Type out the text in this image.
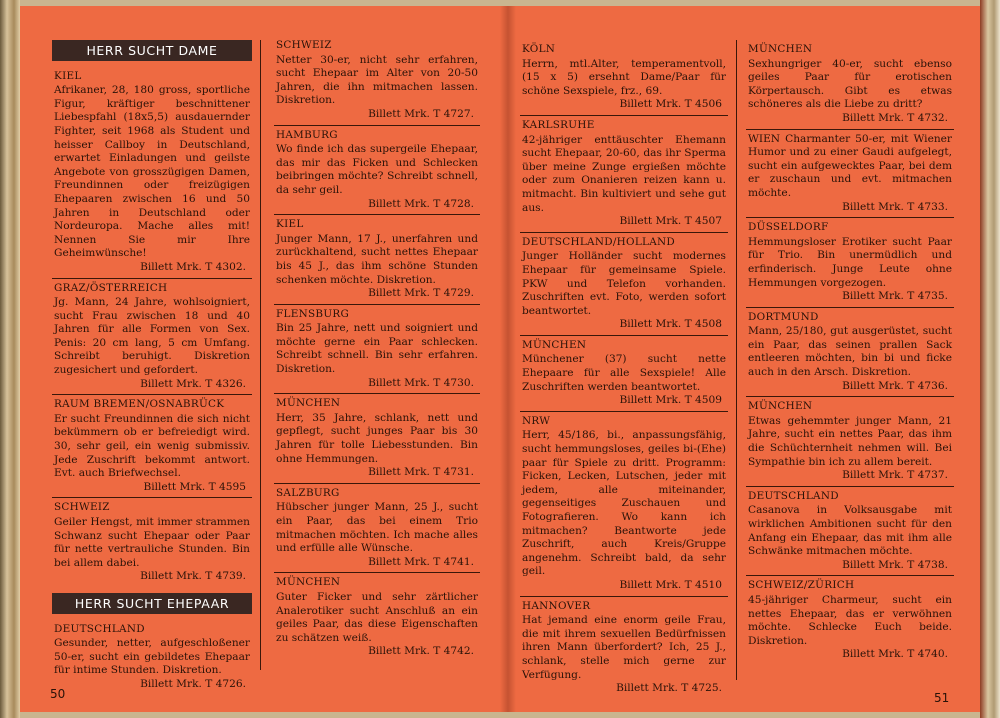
HERR SUCHT DAME
KIEL
Afrikaner, 28, 180 gross, sportliche Figur, kräftiger beschnittener Liebespfahl (18x5,5) ausdauernder Fighter, seit 1968 als Student und heisser Callboy in Deutschland, erwartet Einladungen und geilste Angebote von grosszügigen Damen, Freundinnen oder freizügigen Ehepaaren zwischen 16 und 50 Jahren in Deutschland oder Nordeuropa. Mache alles mit! Nennen Sie mir Ihre Geheimwünsche!
Billett Mrk. T 4302.
GRAZ/ÖSTERREICH
Jg. Mann, 24 Jahre, wohlsoigniert, sucht Frau zwischen 18 und 40 Jahren für alle Formen von Sex. Penis: 20 cm lang, 5 cm Umfang. Schreibt beruhigt. Diskretion zugesichert und gefordert.
Billett Mrk. T 4326.
RAUM BREMEN/OSNABRÜCK
Er sucht Freundinnen die sich nicht bekümmern ob er befreiedigt wird. 30, sehr geil, ein wenig submissiv. Jede Zuschrift bekommt antwort. Evt. auch Briefwechsel.
Billett Mrk. T 4595
SCHWEIZ
Geiler Hengst, mit immer strammen Schwanz sucht Ehepaar oder Paar für nette vertrauliche Stunden. Bin bei allem dabei.
Billett Mrk. T 4739.
HERR SUCHT EHEPAAR
DEUTSCHLAND
Gesunder, netter, aufgeschloßener 50-er, sucht ein gebildetes Ehepaar für intime Stunden. Diskretion.
Billett Mrk. T 4726.
SCHWEIZ
Netter 30-er, nicht sehr erfahren, sucht Ehepaar im Alter von 20-50 Jahren, die ihn mitmachen lassen. Diskretion.
Billett Mrk. T 4727.
HAMBURG
Wo finde ich das supergeile Ehepaar, das mir das Ficken und Schlecken beibringen möchte? Schreibt schnell, da sehr geil.
Billett Mrk. T 4728.
KIEL
Junger Mann, 17 J., unerfahren und zurückhaltend, sucht nettes Ehepaar bis 45 J., das ihm schöne Stunden schenken möchte. Diskretion.
Billett Mrk. T 4729.
FLENSBURG
Bin 25 Jahre, nett und soigniert und möchte gerne ein Paar schlecken. Schreibt schnell. Bin sehr erfahren. Diskretion.
Billett Mrk. T 4730.
MÜNCHEN
Herr, 35 Jahre, schlank, nett und gepflegt, sucht junges Paar bis 30 Jahren für tolle Liebesstunden. Bin ohne Hemmungen.
Billett Mrk. T 4731.
SALZBURG
Hübscher junger Mann, 25 J., sucht ein Paar, das bei einem Trio mitmachen möchten. Ich mache alles und erfülle alle Wünsche.
Billett Mrk. T 4741.
MÜNCHEN
Guter Ficker und sehr zärtlicher Analerotiker sucht Anschluß an ein geiles Paar, das diese Eigenschaften zu schätzen weiß.
Billett Mrk. T 4742.
50
KÖLN
Herrn, mtl.Alter, temperamentvoll, (15 x 5) ersehnt Dame/Paar für schöne Sexspiele, frz., 69.
Billett Mrk. T 4506
KARLSRUHE
42-jähriger enttäuschter Ehemann sucht Ehepaar, 20-60, das ihr Sperma über meine Zunge ergießen möchte oder zum Onanieren reizen kann u. mitmacht. Bin kultiviert und sehe gut aus.
Billett Mrk. T 4507
DEUTSCHLAND/HOLLAND
Junger Holländer sucht modernes Ehepaar für gemeinsame Spiele. PKW und Telefon vorhanden. Zuschriften evt. Foto, werden sofort beantwortet.
Billett Mrk. T 4508
MÜNCHEN
Münchener (37) sucht nette Ehepaare für alle Sexspiele! Alle Zuschriften werden beantwortet.
Billett Mrk. T 4509
NRW
Herr, 45/186, bi., anpassungsfähig, sucht hemmungsloses, geiles bi-(Ehe) paar für Spiele zu dritt. Programm: Ficken, Lecken, Lutschen, jeder mit jedem, alle miteinander, gegenseitiges Zuschauen und Fotografieren. Wo kann ich mitmachen? Beantworte jede Zuschrift, auch Kreis/Gruppe angenehm. Schreibt bald, da sehr geil.
Billett Mrk. T 4510
HANNOVER
Hat jemand eine enorm geile Frau, die mit ihrem sexuellen Bedürfnissen ihren Mann überfordert? Ich, 25 J., schlank, stelle mich gerne zur Verfügung.
Billett Mrk. T 4725.
MÜNCHEN
Sexhungriger 40-er, sucht ebenso geiles Paar für erotischen Körpertausch. Gibt es etwas schöneres als die Liebe zu dritt?
Billett Mrk. T 4732.
WIEN Charmanter 50-er, mit Wiener Humor und zu einer Gaudi aufgelegt, sucht ein aufgewecktes Paar, bei dem er zuschaun und evt. mitmachen möchte.
Billett Mrk. T 4733.
DÜSSELDORF
Hemmungsloser Erotiker sucht Paar für Trio. Bin unermüdlich und erfinderisch. Junge Leute ohne Hemmungen vorgezogen.
Billett Mrk. T 4735.
DORTMUND
Mann, 25/180, gut ausgerüstet, sucht ein Paar, das seinen prallen Sack entleeren möchten, bin bi und ficke auch in den Arsch. Diskretion.
Billett Mrk. T 4736.
MÜNCHEN
Etwas gehemmter junger Mann, 21 Jahre, sucht ein nettes Paar, das ihm die Schüchternheit nehmen will. Bei Sympathie bin ich zu allem bereit.
Billett Mrk. T 4737.
DEUTSCHLAND
Casanova in Volksausgabe mit wirklichen Ambitionen sucht für den Anfang ein Ehepaar, das mit ihm alle Schwänke mitmachen möchte.
Billett Mrk. T 4738.
SCHWEIZ/ZÜRICH
45-jähriger Charmeur, sucht ein nettes Ehepaar, das er verwöhnen möchte. Schlecke Euch beide. Diskretion.
Billett Mrk. T 4740.
51
